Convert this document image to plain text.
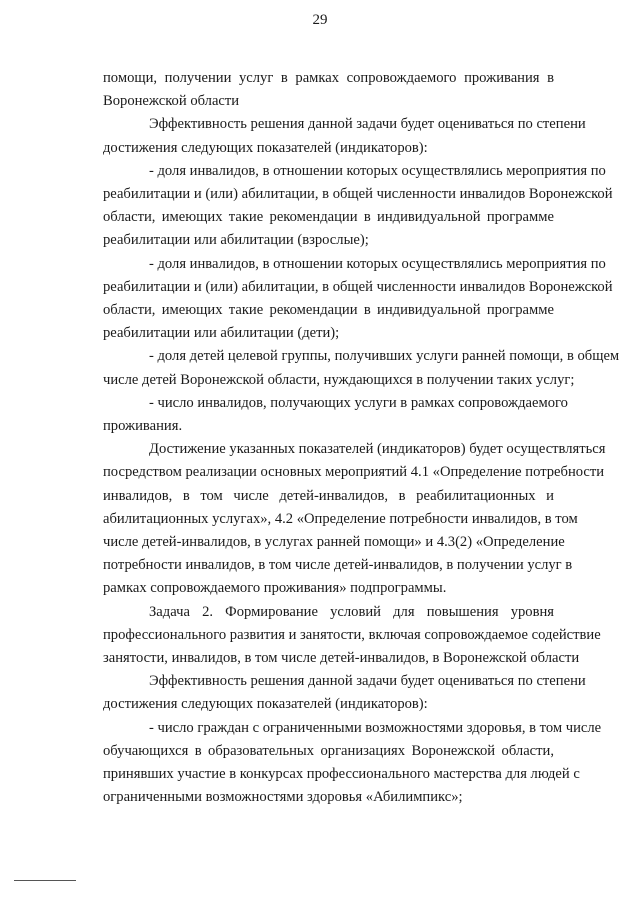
29
помощи, получении услуг в рамках сопровождаемого проживания в
Воронежской области
Эффективность решения данной задачи будет оцениваться по степени
достижения следующих показателей (индикаторов):
- доля инвалидов, в отношении которых осуществлялись мероприятия по
реабилитации и (или) абилитации, в общей численности инвалидов Воронежской
области, имеющих такие рекомендации в индивидуальной программе
реабилитации или абилитации (взрослые);
- доля инвалидов, в отношении которых осуществлялись мероприятия по
реабилитации и (или) абилитации, в общей численности инвалидов Воронежской
области, имеющих такие рекомендации в индивидуальной программе
реабилитации или абилитации (дети);
- доля детей целевой группы, получивших услуги ранней помощи, в общем
числе детей Воронежской области, нуждающихся в получении таких услуг;
- число инвалидов, получающих услуги в рамках сопровождаемого
проживания.
Достижение указанных показателей (индикаторов) будет осуществляться
посредством реализации основных мероприятий 4.1 «Определение потребности
инвалидов, в том числе детей-инвалидов, в реабилитационных и
абилитационных услугах», 4.2 «Определение потребности инвалидов, в том
числе детей-инвалидов, в услугах ранней помощи» и 4.3(2) «Определение
потребности инвалидов, в том числе детей-инвалидов, в получении услуг в
рамках сопровождаемого проживания» подпрограммы.
Задача 2. Формирование условий для повышения уровня
профессионального развития и занятости, включая сопровождаемое содействие
занятости, инвалидов, в том числе детей-инвалидов, в Воронежской области
Эффективность решения данной задачи будет оцениваться по степени
достижения следующих показателей (индикаторов):
- число граждан с ограниченными возможностями здоровья, в том числе
обучающихся в образовательных организациях Воронежской области,
принявших участие в конкурсах профессионального мастерства для людей с
ограниченными возможностями здоровья «Абилимпикс»;
